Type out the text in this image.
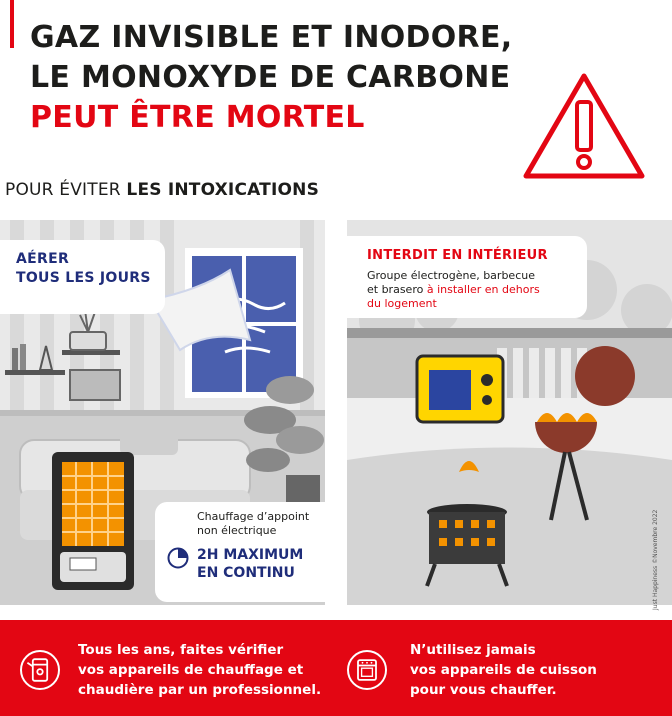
GAZ INVISIBLE ET INODORE,
LE MONOXYDE DE CARBONE
PEUT ÊTRE MORTEL
POUR ÉVITER LES INTOXICATIONS
AÉRER
TOUS LES JOURS
Chauffage d’appoint
non électrique
2H MAXIMUM
EN CONTINU
INTERDIT EN INTÉRIEUR
Groupe électrogène, barbecue
et brasero à installer en dehors
du logement
Just Happiness ©Novembre 2022
Tous les ans, faites vérifier
vos appareils de chauffage et
chaudière par un professionnel.
N’utilisez jamais
vos appareils de cuisson
pour vous chauffer.
